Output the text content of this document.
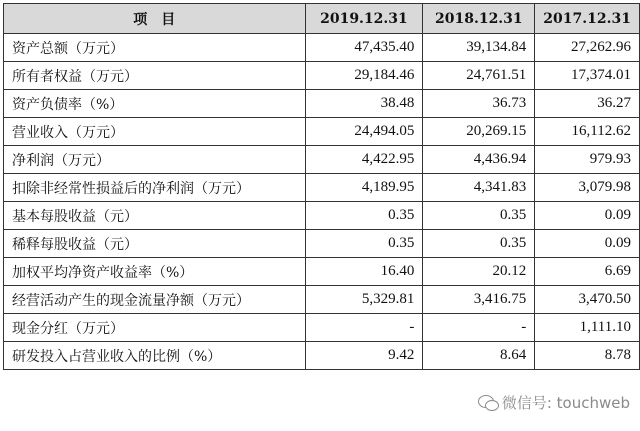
项　目	2019.12.31	2018.12.31	2017.12.31
资产总额（万元）	47,435.40	39,134.84	27,262.96
所有者权益（万元）	29,184.46	24,761.51	17,374.01
资产负债率（%）	38.48	36.73	36.27
营业收入（万元）	24,494.05	20,269.15	16,112.62
净利润（万元）	4,422.95	4,436.94	979.93
扣除非经常性损益后的净利润（万元）	4,189.95	4,341.83	3,079.98
基本每股收益（元）	0.35	0.35	0.09
稀释每股收益（元）	0.35	0.35	0.09
加权平均净资产收益率（%）	16.40	20.12	6.69
经营活动产生的现金流量净额（万元）	5,329.81	3,416.75	3,470.50
现金分红（万元）	-	-	1,111.10
研发投入占营业收入的比例（%）	9.42	8.64	8.78
微信号: touchweb
